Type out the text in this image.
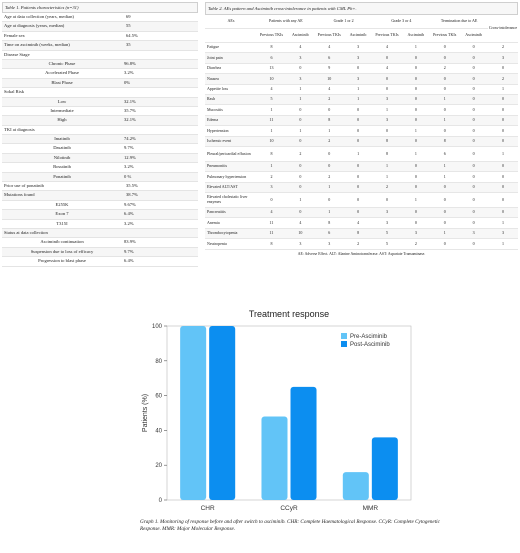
Table 1. Patients characteristics (n=31)
Age at data collection (years, median)	69
Age at diagnosis (years, median)	55
Female sex	64.5%
Time on asciminib (weeks, median)	35
Disease Stage
Chronic Phase	96.8%
Accelerated Phase	3.2%
Blast Phase	0%
Sokal Risk
Low	32.1%
Intermediate	35.7%
High	32.1%
TKI at diagnosis
Imatinib	74.2%
Dasatinib	9.7%
Nilotinib	12.9%
Bosutinib	3.2%
Ponatinib	0 %
Prior use of ponatinib	35.5%
Mutations found	38.7%
E255K	9.67%
Exon 7	6.4%
T315I	3.2%
Status at data collection
Asciminib continuation	83.9%
Suspension due to loss of efficacy	9.7%
Progression to blast phase	6.4%
Table 2. AEs pattern and Asciminib cross-intolerance in patients with CML Ph+.
AEs	Patients with any AE		Grade 1 or 2		Grade 3 or 4		Termination due to AE		Cross-intolerance
	Previous TKIs	Asciminib	Previous TKIs	Asciminib	Previous TKIs	Asciminib	Previous TKIs	Asciminib	
Fatigue	8	4	4	3	4	1	0	0	2
Joint pain	6	3	6	3	0	0	0	0	3
Diarrhea	13	0	9	0	4	0	2	0	0
Nausea	10	3	10	3	0	0	0	0	2
Appetite loss	4	1	4	1	0	0	0	0	1
Rash	5	1	2	1	3	0	1	0	0
Mucositis	1	0	0	0	1	0	0	0	0
Edema	11	0	8	0	3	0	1	0	0
Hypertension	1	1	1	0	0	1	0	0	0
Ischemic event	10	0	2	0	8	0	8	0	0
Pleural/pericardial effusion	8	2	0	1	8	1	6	0	1
Pneumonitis	1	0	0	0	1	0	1	0	0
Pulmonary hypertension	2	0	2	0	1	0	1	0	0
Elevated ALT/AST	3	0	1	0	2	0	0	0	0
Elevated cholestatic liver enzymes	0	1	0	0	0	1	0	0	0
Pancreatitis	4	0	1	0	3	0	0	0	0
Anemia	11	4	8	4	3	0	0	0	1
Thrombocytopenia	11	10	6	8	5	3	1	3	3
Neutropenia	8	3	3	2	5	2	0	0	1
AE: Adverse Effect. ALT: Alanine Aminotransferase. AST: Aspartate Transaminase.
Treatment response
0
20
40
60
80
100
Patients (%)
CHR	CCyR	MMR
Pre-Asciminib
Post-Asciminib
Graph 1. Monitoring of response before and after switch to asciminib. CHR: Complete Haematological Response. CCyR: Complete Cytogenetic Response. MMR: Major Molecular Response.
